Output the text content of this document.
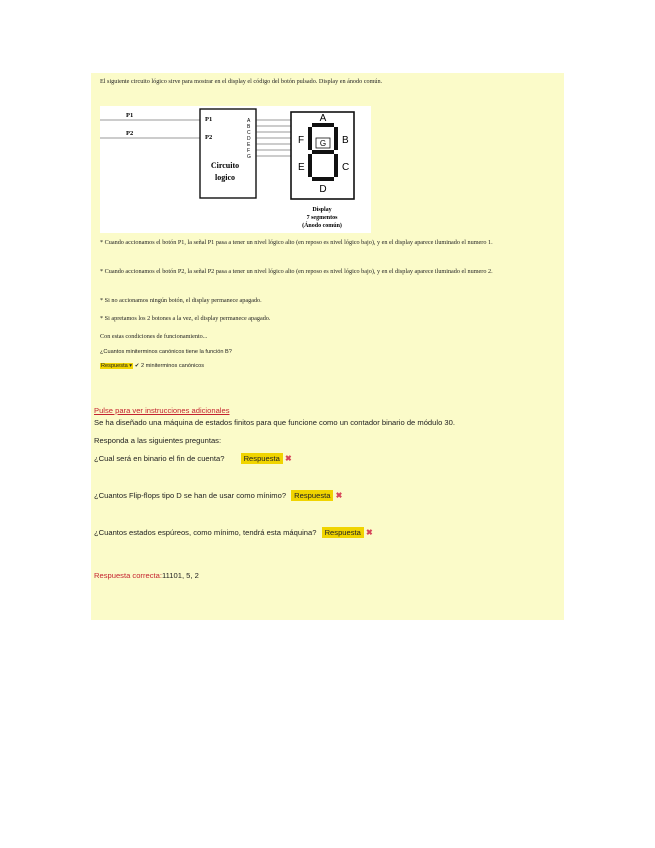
El siguiente circuito lógico sirve para mostrar en el display el código del botón pulsado. Display en ánodo común.
P1
P2
P1
P2
Circuito
logico
A
B
C
D
E
F
G
A
B
C
D
E
F G
Display
7 segmentos
(Ánodo común)
* Cuando accionamos el botón P1, la señal P1 pasa a tener un nivel lógico alto (en reposo es nivel lógico bajo), y en el display aparece iluminado el numero 1.
* Cuando accionamos el botón P2, la señal P2 pasa a tener un nivel lógico alto (en reposo es nivel lógico bajo), y en el display aparece iluminado el numero 2.
* Si no accionamos ningún botón, el display permanece apagado.
* Si apretamos los 2 botones a la vez, el display permanece apagado.
Con estas condiciones de funcionamiento...
¿Cuantos miniterminos canónicos tiene la función B?
Respuesta ▾ ✔ 2 miniterminos canónicos
Pulse para ver instrucciones adicionales
Se ha diseñado una máquina de estados finitos para que funcione como un contador binario de módulo 30.
Responda a las siguientes preguntas:
¿Cual será en binario el fin de cuenta?	Respuesta ✖
¿Cuantos Flip-flops tipo D se han de usar como mínimo? Respuesta ✖
¿Cuantos estados espúreos, como mínimo, tendrá esta máquina? Respuesta ✖
Respuesta correcta:11101, 5, 2
